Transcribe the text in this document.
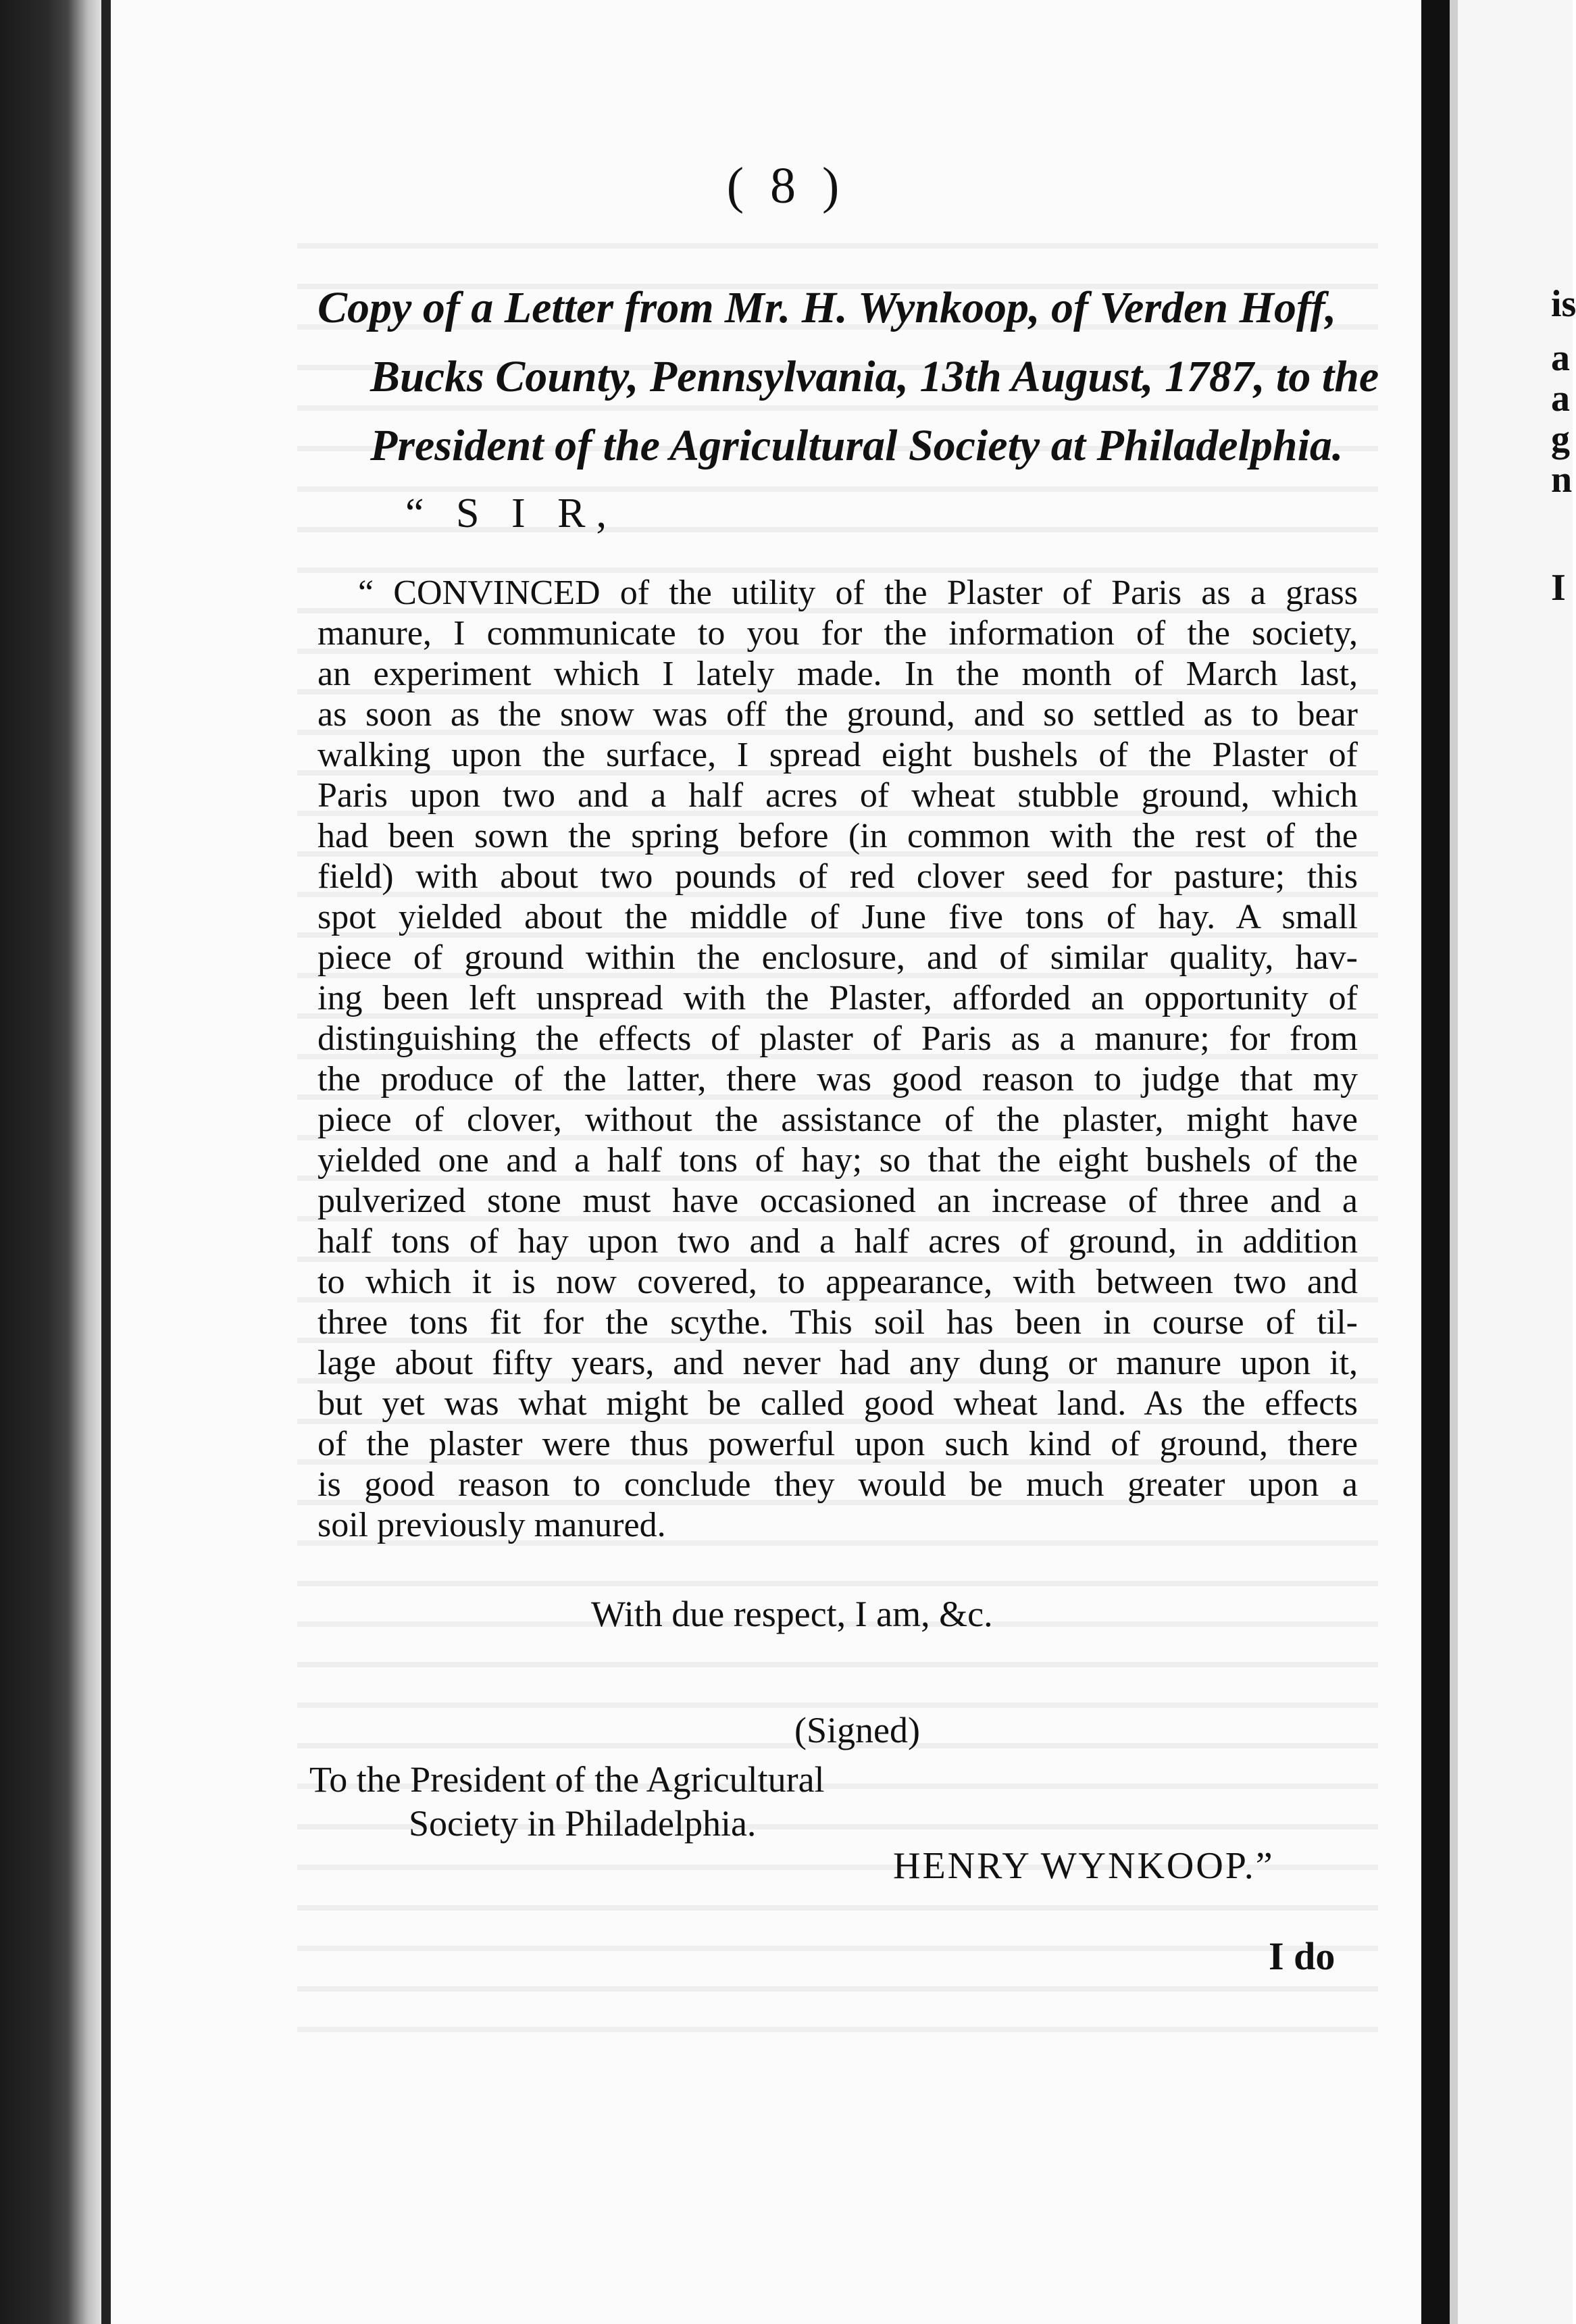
is
a
a
g
n
I
( 8 )
Copy of a Letter from Mr. H. Wynkoop, of Verden Hoff,
Bucks County, Pennsylvania, 13th August, 1787, to the
President of the Agricultural Society at Philadelphia.
“ S I R,
“ CONVINCED of the utility of the Plaster of Paris as a grass
manure, I communicate to you for the information of the society,
an experiment which I lately made. In the month of March last,
as soon as the snow was off the ground, and so settled as to bear
walking upon the surface, I spread eight bushels of the Plaster of
Paris upon two and a half acres of wheat stubble ground, which
had been sown the spring before (in common with the rest of the
field) with about two pounds of red clover seed for pasture; this
spot yielded about the middle of June five tons of hay. A small
piece of ground within the enclosure, and of similar quality, hav-
ing been left unspread with the Plaster, afforded an opportunity of
distinguishing the effects of plaster of Paris as a manure; for from
the produce of the latter, there was good reason to judge that my
piece of clover, without the assistance of the plaster, might have
yielded one and a half tons of hay; so that the eight bushels of the
pulverized stone must have occasioned an increase of three and a
half tons of hay upon two and a half acres of ground, in addition
to which it is now covered, to appearance, with between two and
three tons fit for the scythe. This soil has been in course of til-
lage about fifty years, and never had any dung or manure upon it,
but yet was what might be called good wheat land. As the effects
of the plaster were thus powerful upon such kind of ground, there
is good reason to conclude they would be much greater upon a
soil previously manured.
With due respect, I am, &c.
(Signed)
To the President of the Agricultural
Society in Philadelphia.
HENRY WYNKOOP.”
I do
